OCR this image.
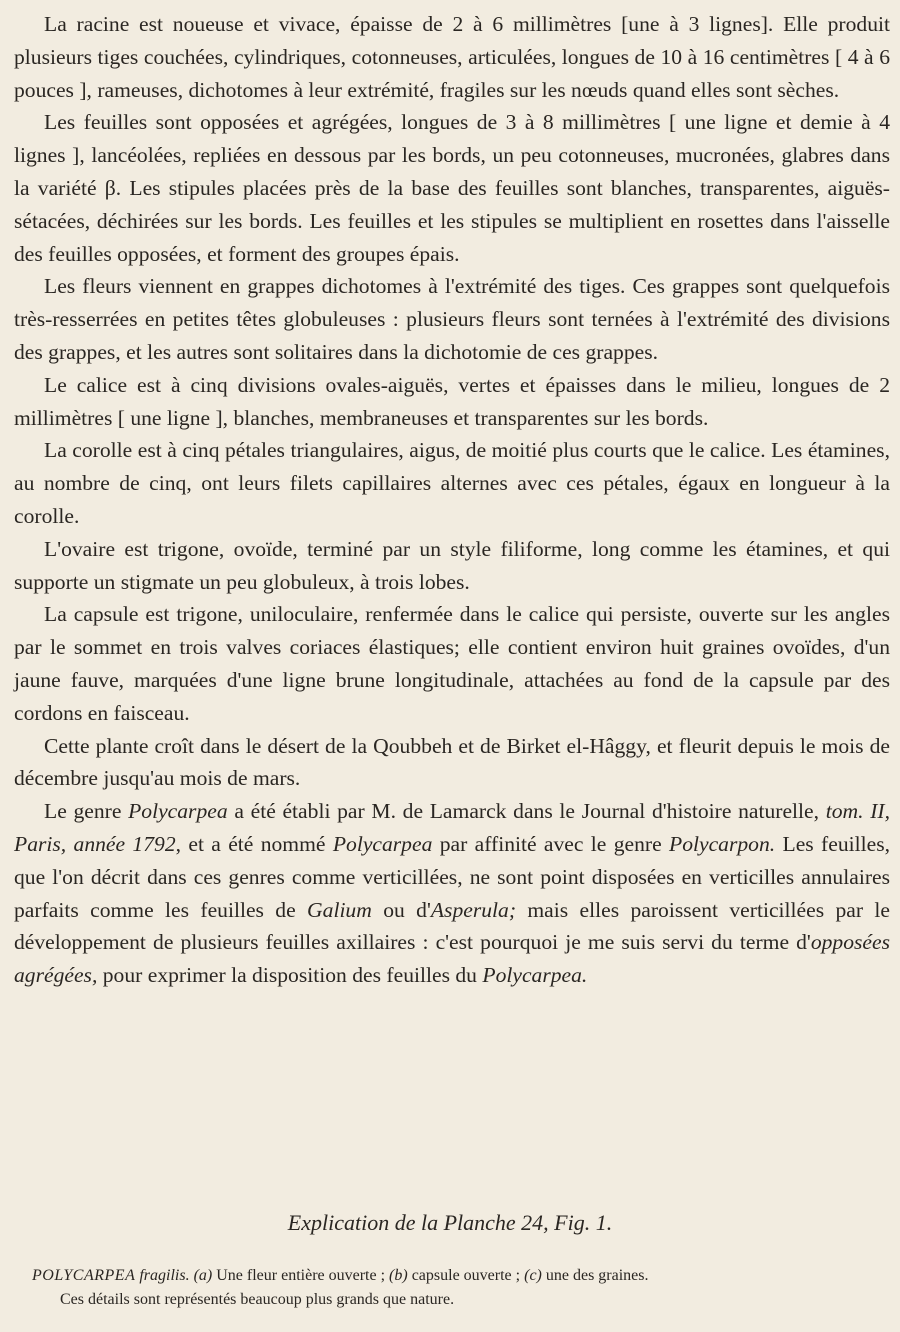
La racine est noueuse et vivace, épaisse de 2 à 6 millimètres [une à 3 lignes]. Elle produit plusieurs tiges couchées, cylindriques, cotonneuses, articulées, longues de 10 à 16 centimètres [ 4 à 6 pouces ], rameuses, dichotomes à leur extrémité, fragiles sur les nœuds quand elles sont sèches.

Les feuilles sont opposées et agrégées, longues de 3 à 8 millimètres [ une ligne et demie à 4 lignes ], lancéolées, repliées en dessous par les bords, un peu cotonneuses, mucronées, glabres dans la variété β. Les stipules placées près de la base des feuilles sont blanches, transparentes, aiguës-sétacées, déchirées sur les bords. Les feuilles et les stipules se multiplient en rosettes dans l'aisselle des feuilles opposées, et forment des groupes épais.

Les fleurs viennent en grappes dichotomes à l'extrémité des tiges. Ces grappes sont quelquefois très-resserrées en petites têtes globuleuses : plusieurs fleurs sont ternées à l'extrémité des divisions des grappes, et les autres sont solitaires dans la dichotomie de ces grappes.

Le calice est à cinq divisions ovales-aiguës, vertes et épaisses dans le milieu, longues de 2 millimètres [ une ligne ], blanches, membraneuses et transparentes sur les bords.

La corolle est à cinq pétales triangulaires, aigus, de moitié plus courts que le calice. Les étamines, au nombre de cinq, ont leurs filets capillaires alternes avec ces pétales, égaux en longueur à la corolle.

L'ovaire est trigone, ovoïde, terminé par un style filiforme, long comme les étamines, et qui supporte un stigmate un peu globuleux, à trois lobes.

La capsule est trigone, uniloculaire, renfermée dans le calice qui persiste, ouverte sur les angles par le sommet en trois valves coriaces élastiques; elle contient environ huit graines ovoïdes, d'un jaune fauve, marquées d'une ligne brune longitudinale, attachées au fond de la capsule par des cordons en faisceau.

Cette plante croît dans le désert de la Qoubbeh et de Birket el-Hâggy, et fleurit depuis le mois de décembre jusqu'au mois de mars.

Le genre Polycarpea a été établi par M. de Lamarck dans le Journal d'histoire naturelle, tom. II, Paris, année 1792, et a été nommé Polycarpea par affinité avec le genre Polycarpon. Les feuilles, que l'on décrit dans ces genres comme verticillées, ne sont point disposées en verticilles annulaires parfaits comme les feuilles de Galium ou d'Asperula; mais elles paroissent verticillées par le développement de plusieurs feuilles axillaires : c'est pourquoi je me suis servi du terme d'opposées agrégées, pour exprimer la disposition des feuilles du Polycarpea.

Explication de la Planche 24, Fig. 1.

POLYCARPEA fragilis. (a) Une fleur entière ouverte ; (b) capsule ouverte ; (c) une des graines.
Ces détails sont représentés beaucoup plus grands que nature.
